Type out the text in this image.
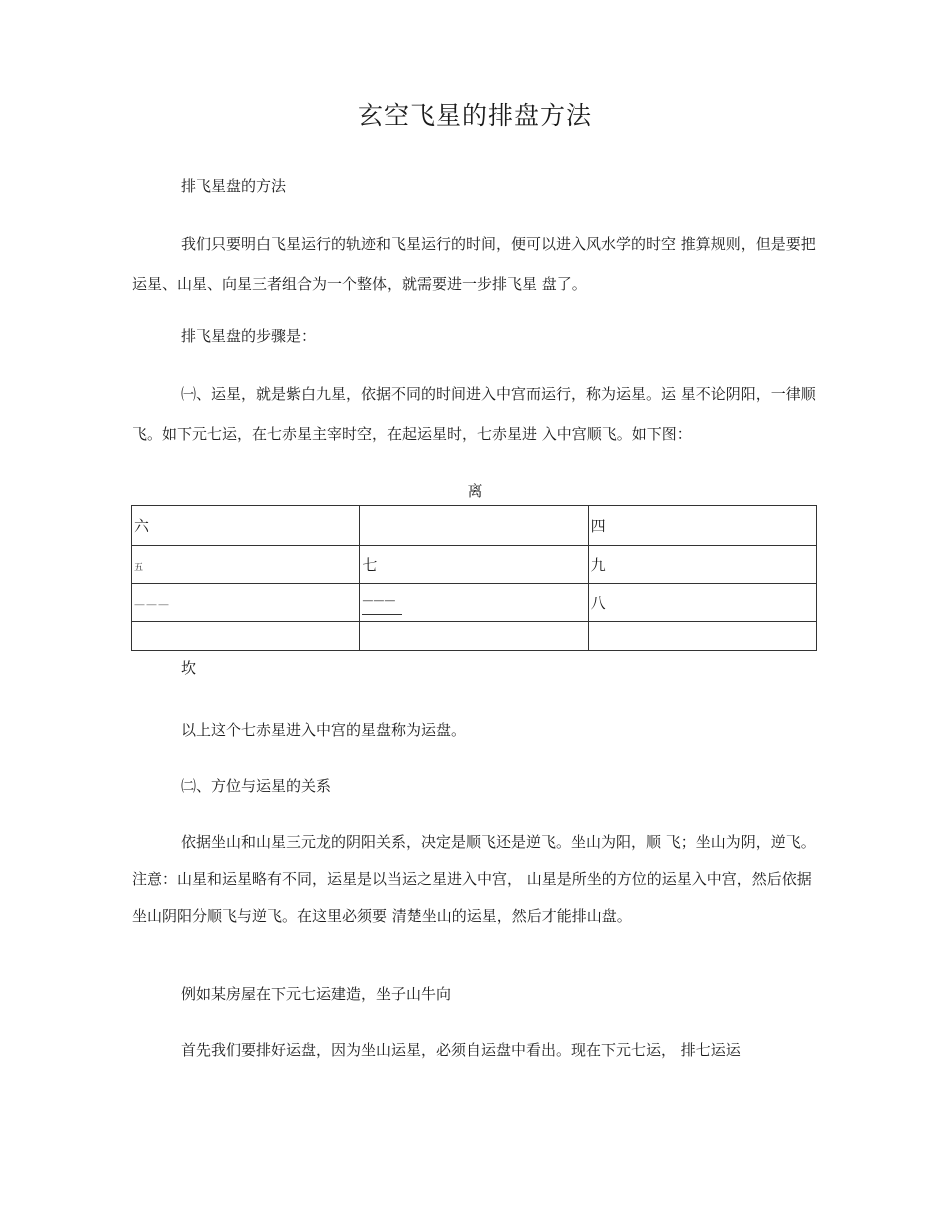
玄空飞星的排盘方法

排飞星盘的方法

我们只要明白飞星运行的轨迹和飞星运行的时间，便可以进入风水学的时空 推算规则，但是要把运星、山星、向星三者组合为一个整体，就需要进一步排飞星 盘了。

排飞星盘的步骤是：

㈠、运星，就是紫白九星，依据不同的时间进入中宫而运行，称为运星。运 星不论阴阳，一律顺飞。如下元七运，在七赤星主宰时空，在起运星时，七赤星进 入中宫顺飞。如下图：

离
六		四
五	七	九
———	———	八

坎

以上这个七赤星进入中宫的星盘称为运盘。

㈡、方位与运星的关系

依据坐山和山星三元龙的阴阳关系，决定是顺飞还是逆飞。坐山为阳，顺 飞；坐山为阴，逆飞。注意：山星和运星略有不同，运星是以当运之星进入中宫， 山星是所坐的方位的运星入中宫，然后依据坐山阴阳分顺飞与逆飞。在这里必须要 清楚坐山的运星，然后才能排山盘。

例如某房屋在下元七运建造，坐子山牛向

首先我们要排好运盘，因为坐山运星，必须自运盘中看出。现在下元七运， 排七运运
